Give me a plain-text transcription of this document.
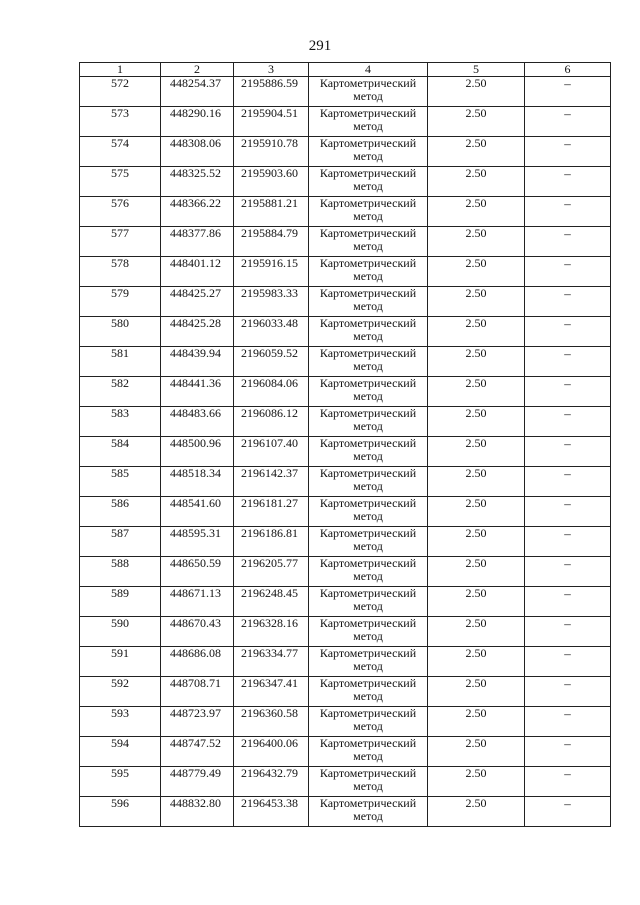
291
1	2	3	4	5	6
572	448254.37	2195886.59	Картометрический метод	2.50	–
573	448290.16	2195904.51	Картометрический метод	2.50	–
574	448308.06	2195910.78	Картометрический метод	2.50	–
575	448325.52	2195903.60	Картометрический метод	2.50	–
576	448366.22	2195881.21	Картометрический метод	2.50	–
577	448377.86	2195884.79	Картометрический метод	2.50	–
578	448401.12	2195916.15	Картометрический метод	2.50	–
579	448425.27	2195983.33	Картометрический метод	2.50	–
580	448425.28	2196033.48	Картометрический метод	2.50	–
581	448439.94	2196059.52	Картометрический метод	2.50	–
582	448441.36	2196084.06	Картометрический метод	2.50	–
583	448483.66	2196086.12	Картометрический метод	2.50	–
584	448500.96	2196107.40	Картометрический метод	2.50	–
585	448518.34	2196142.37	Картометрический метод	2.50	–
586	448541.60	2196181.27	Картометрический метод	2.50	–
587	448595.31	2196186.81	Картометрический метод	2.50	–
588	448650.59	2196205.77	Картометрический метод	2.50	–
589	448671.13	2196248.45	Картометрический метод	2.50	–
590	448670.43	2196328.16	Картометрический метод	2.50	–
591	448686.08	2196334.77	Картометрический метод	2.50	–
592	448708.71	2196347.41	Картометрический метод	2.50	–
593	448723.97	2196360.58	Картометрический метод	2.50	–
594	448747.52	2196400.06	Картометрический метод	2.50	–
595	448779.49	2196432.79	Картометрический метод	2.50	–
596	448832.80	2196453.38	Картометрический метод	2.50	–
